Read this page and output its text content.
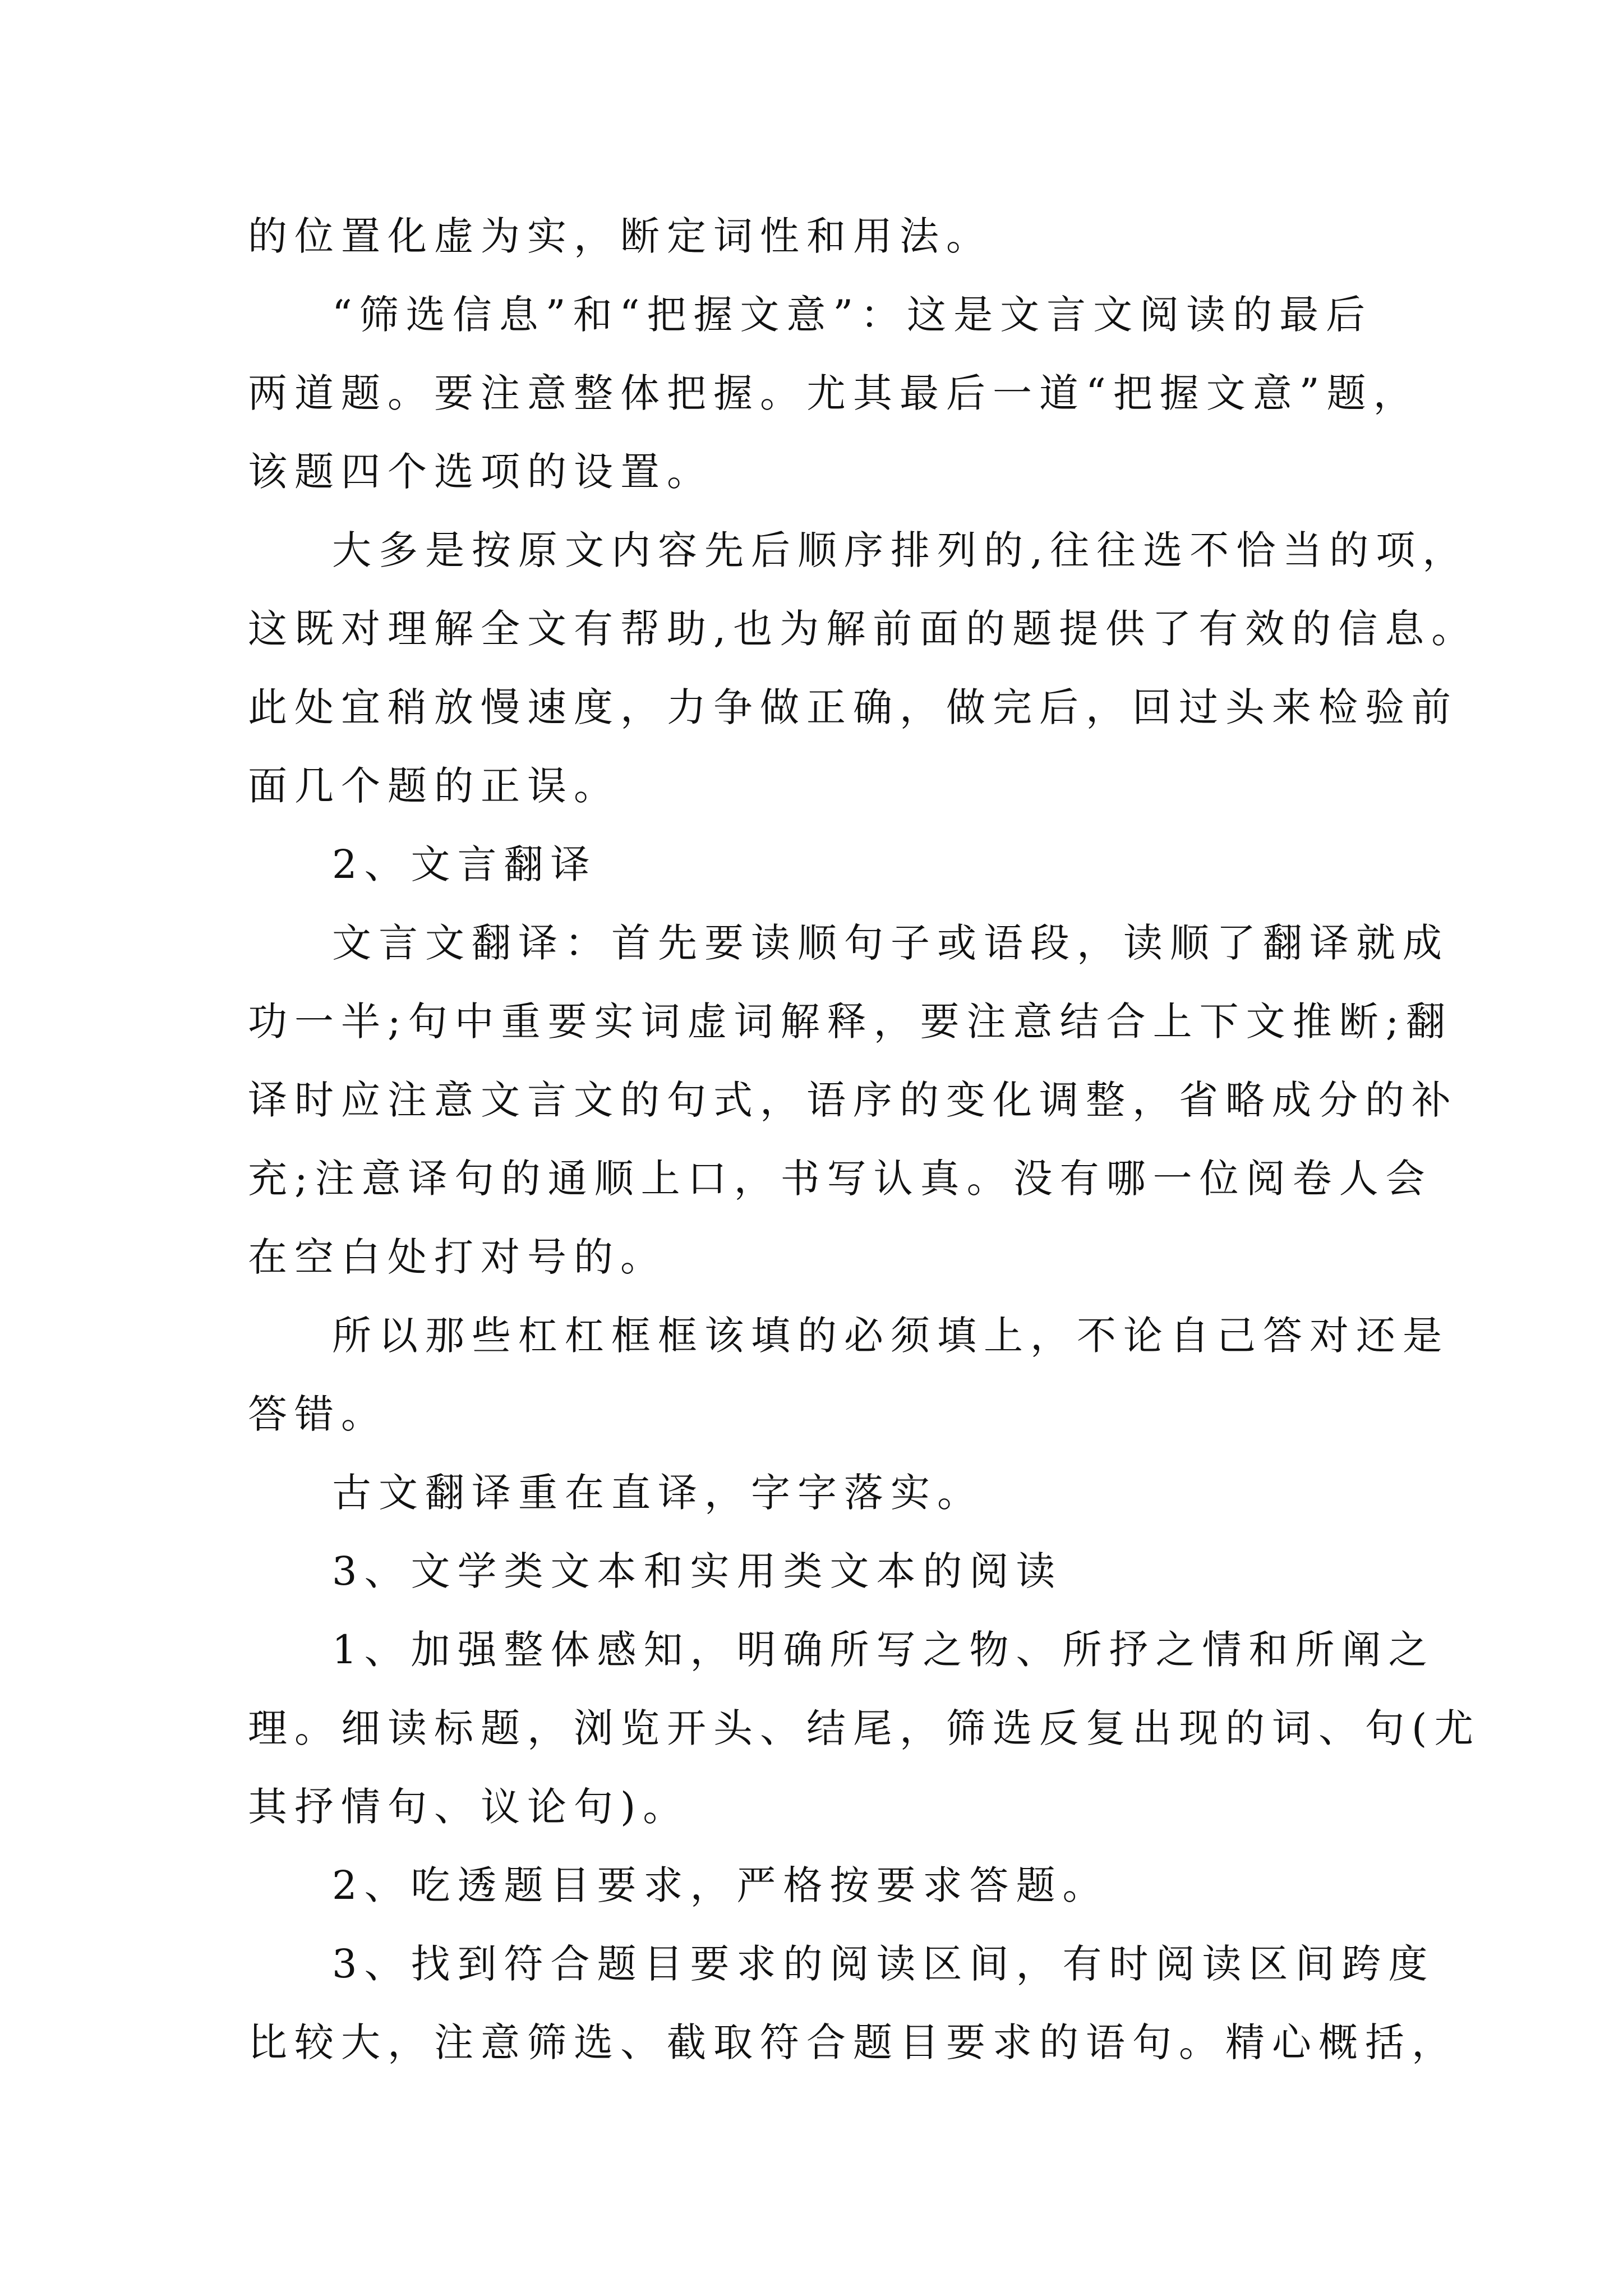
的位置化虚为实，断定词性和用法。
“筛选信息”和“把握文意”：这是文言文阅读的最后
两道题。要注意整体把握。尤其最后一道“把握文意”题，
该题四个选项的设置。
大多是按原文内容先后顺序排列的,往往选不恰当的项，
这既对理解全文有帮助,也为解前面的题提供了有效的信息。
此处宜稍放慢速度，力争做正确，做完后，回过头来检验前
面几个题的正误。
2、文言翻译
文言文翻译：首先要读顺句子或语段，读顺了翻译就成
功一半;句中重要实词虚词解释，要注意结合上下文推断;翻
译时应注意文言文的句式，语序的变化调整，省略成分的补
充;注意译句的通顺上口，书写认真。没有哪一位阅卷人会
在空白处打对号的。
所以那些杠杠框框该填的必须填上，不论自己答对还是
答错。
古文翻译重在直译，字字落实。
3、文学类文本和实用类文本的阅读
1、加强整体感知，明确所写之物、所抒之情和所阐之
理。细读标题，浏览开头、结尾，筛选反复出现的词、句(尤
其抒情句、议论句)。
2、吃透题目要求，严格按要求答题。
3、找到符合题目要求的阅读区间，有时阅读区间跨度
比较大，注意筛选、截取符合题目要求的语句。精心概括，
